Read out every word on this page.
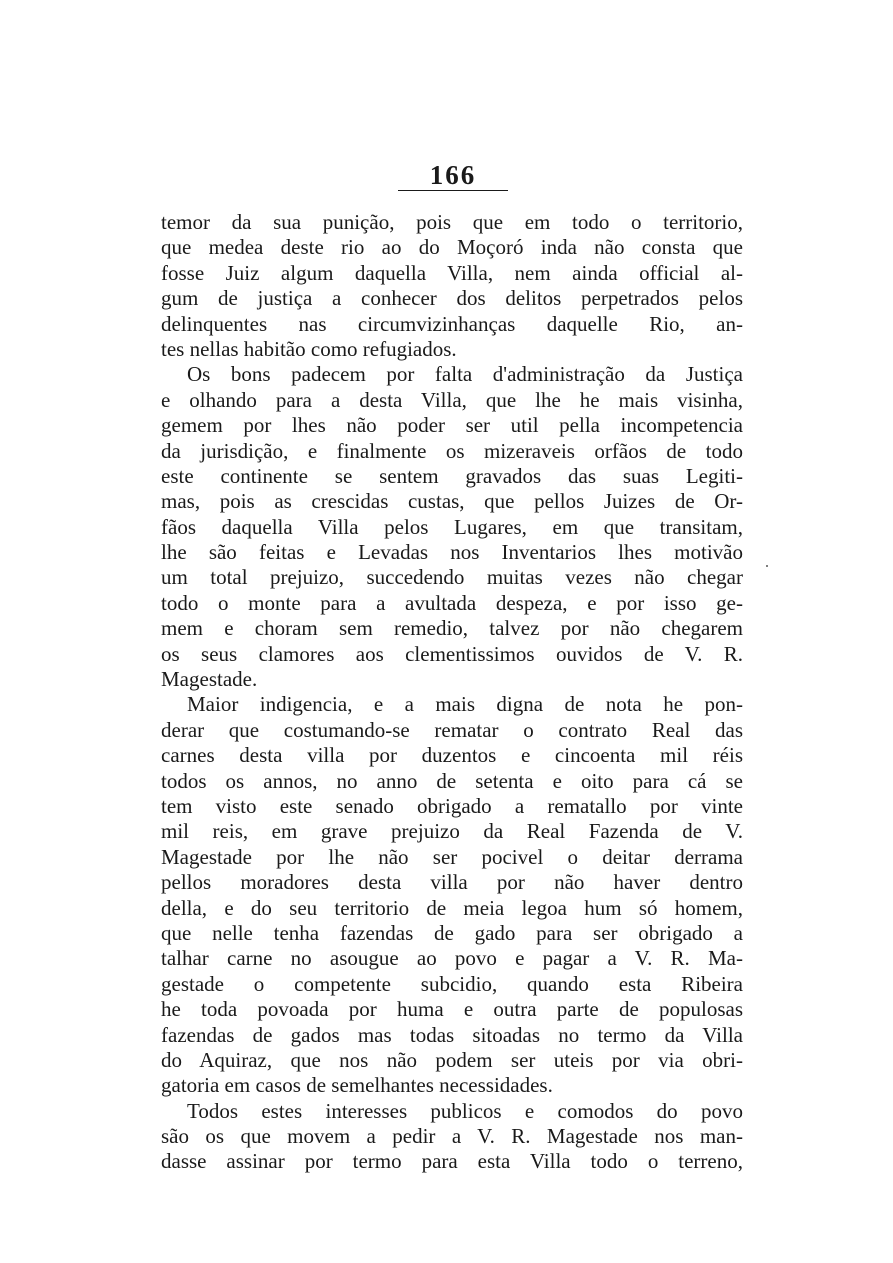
166
temor da sua punição, pois que em todo o territorio,
que medea deste rio ao do Moçoró inda não consta que
fosse Juiz algum daquella Villa, nem ainda official al-
gum de justiça a conhecer dos delitos perpetrados pelos
delinquentes nas circumvizinhanças daquelle Rio, an-
tes nellas habitão como refugiados.
Os bons padecem por falta d'administração da Justiça
e olhando para a desta Villa, que lhe he mais visinha,
gemem por lhes não poder ser util pella incompetencia
da jurisdição, e finalmente os mizeraveis orfãos de todo
este continente se sentem gravados das suas Legiti-
mas, pois as crescidas custas, que pellos Juizes de Or-
fãos daquella Villa pelos Lugares, em que transitam,
lhe são feitas e Levadas nos Inventarios lhes motivão
um total prejuizo, succedendo muitas vezes não chegar
todo o monte para a avultada despeza, e por isso ge-
mem e choram sem remedio, talvez por não chegarem
os seus clamores aos clementissimos ouvidos de V. R.
Magestade.
Maior indigencia, e a mais digna de nota he pon-
derar que costumando-se rematar o contrato Real das
carnes desta villa por duzentos e cincoenta mil réis
todos os annos, no anno de setenta e oito para cá se
tem visto este senado obrigado a rematallo por vinte
mil reis, em grave prejuizo da Real Fazenda de V.
Magestade por lhe não ser pocivel o deitar derrama
pellos moradores desta villa por não haver dentro
della, e do seu territorio de meia legoa hum só homem,
que nelle tenha fazendas de gado para ser obrigado a
talhar carne no asougue ao povo e pagar a V. R. Ma-
gestade o competente subcidio, quando esta Ribeira
he toda povoada por huma e outra parte de populosas
fazendas de gados mas todas sitoadas no termo da Villa
do Aquiraz, que nos não podem ser uteis por via obri-
gatoria em casos de semelhantes necessidades.
Todos estes interesses publicos e comodos do povo
são os que movem a pedir a V. R. Magestade nos man-
dasse assinar por termo para esta Villa todo o terreno,
